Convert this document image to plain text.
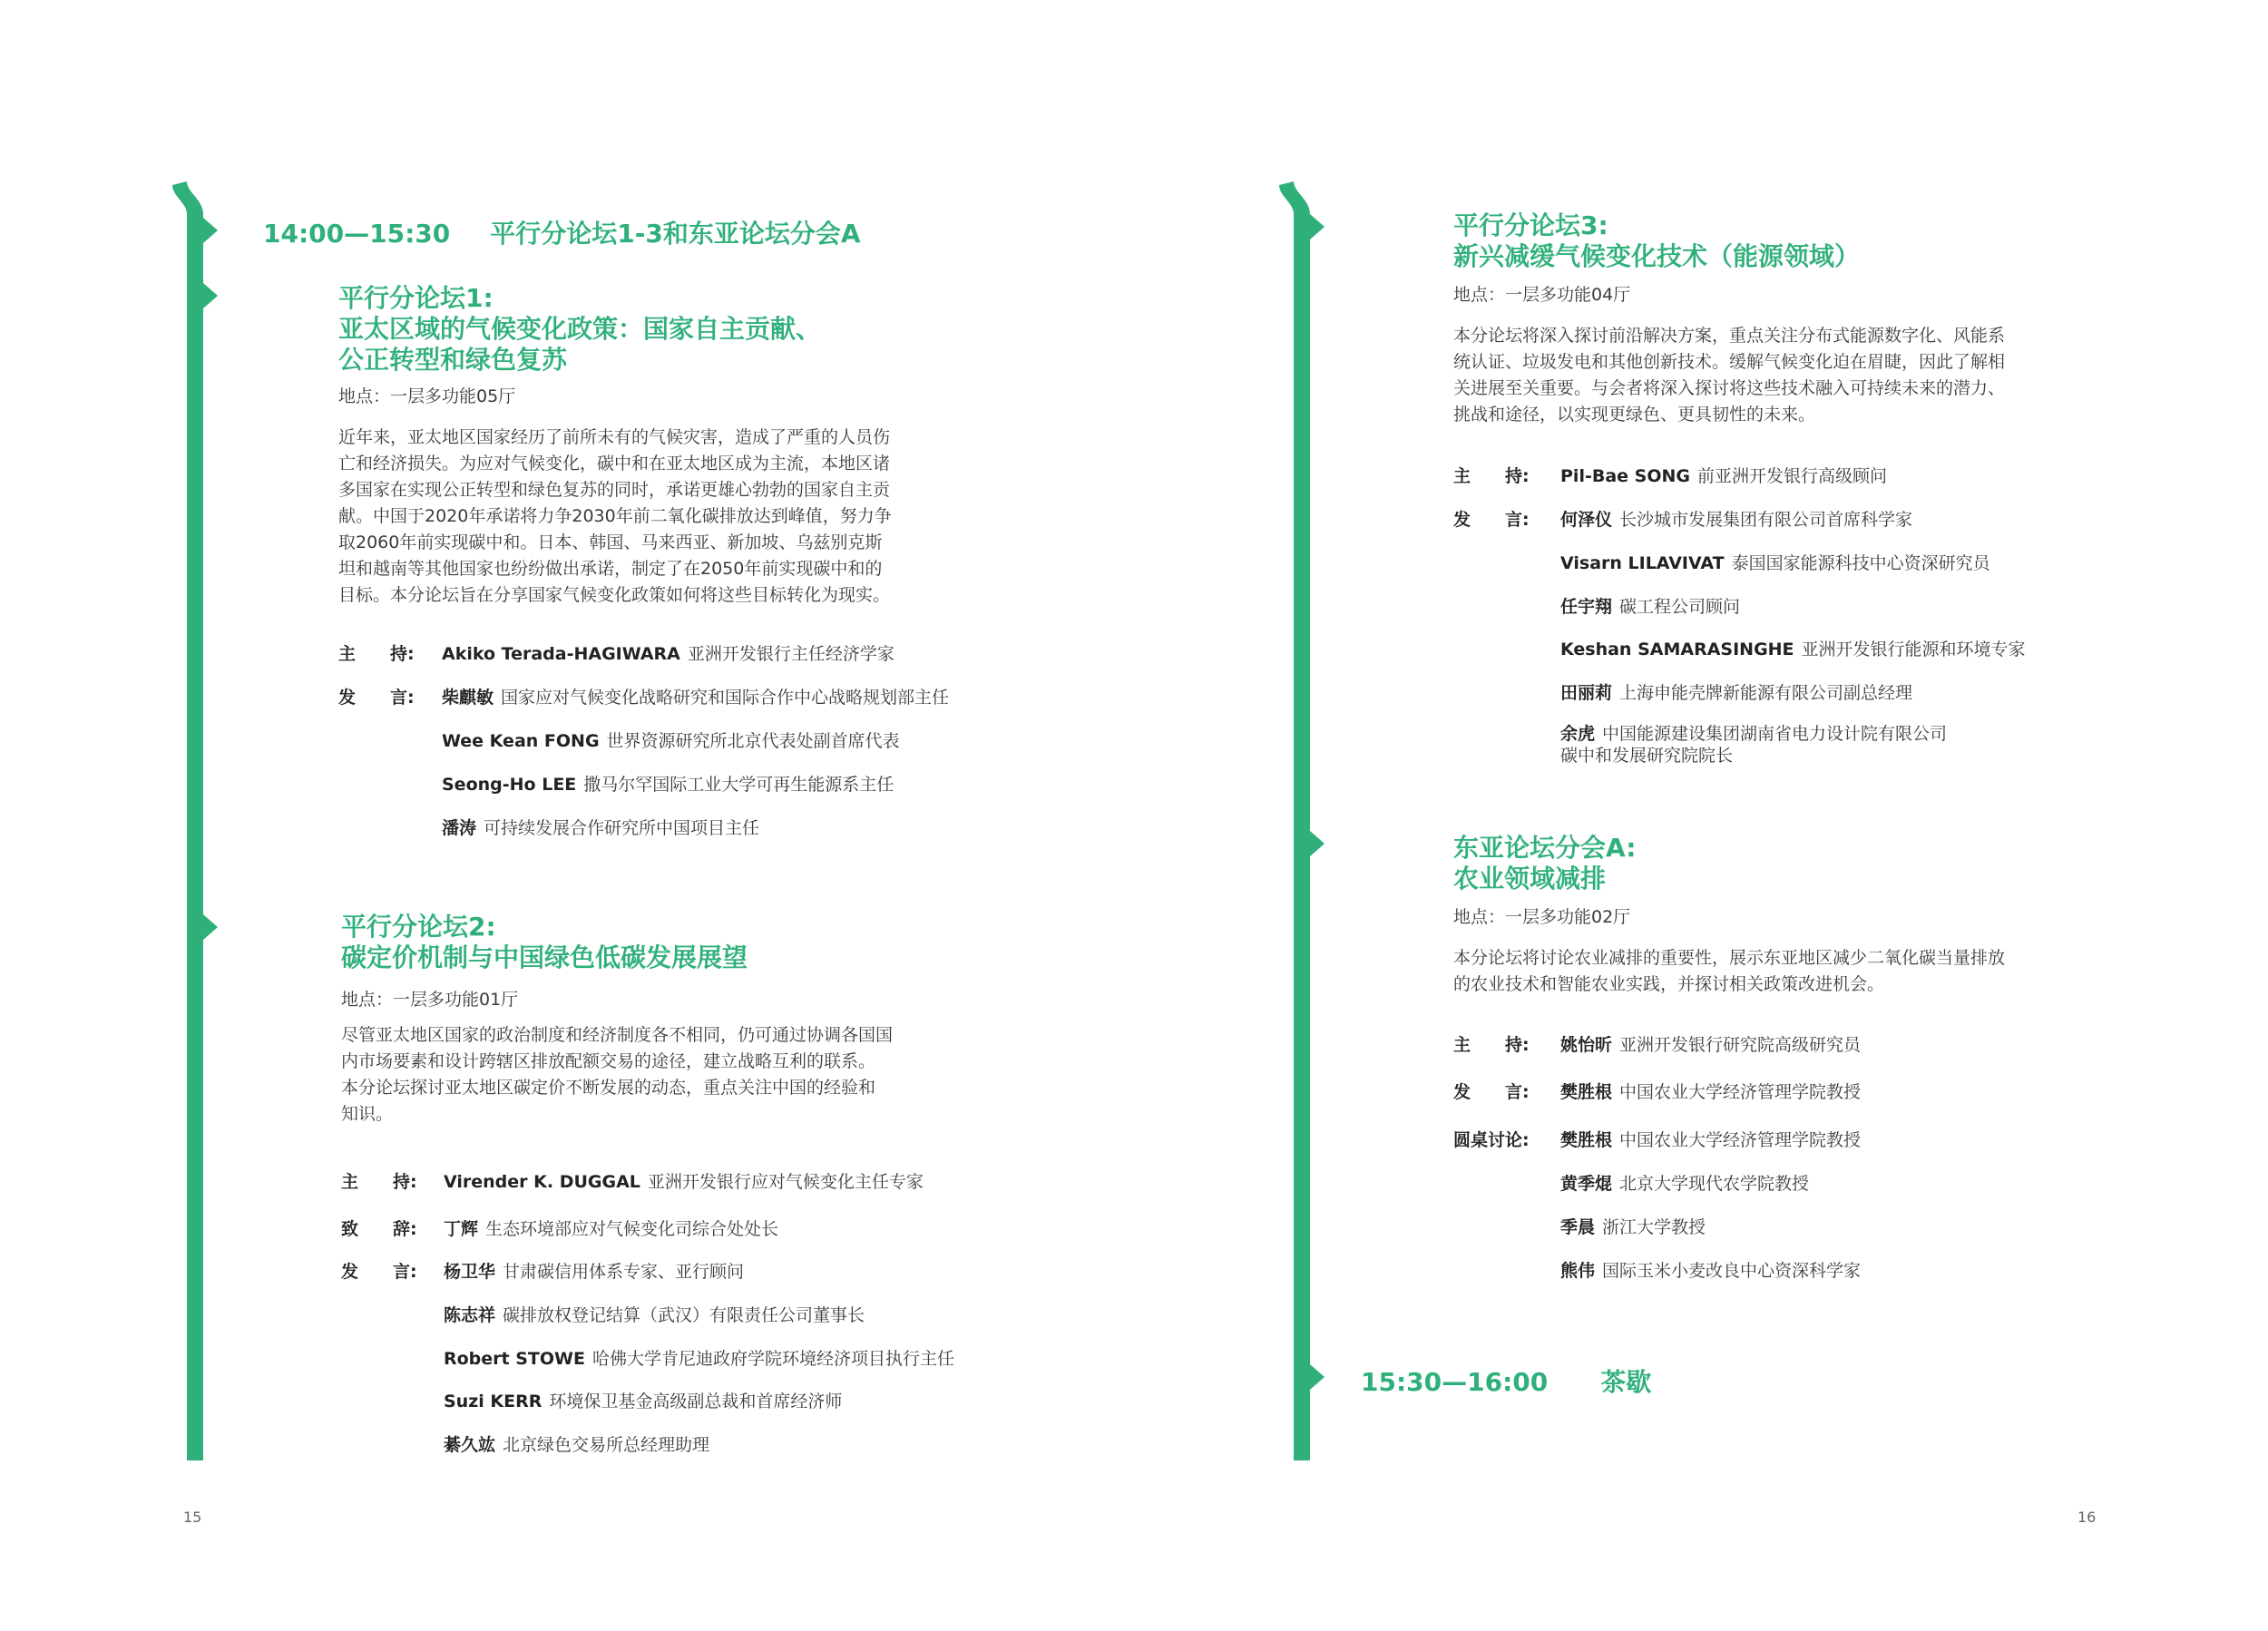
14:00—15:30 平行分论坛1-3和东亚论坛分会A
平行分论坛1:
亚太区域的气候变化政策：国家自主贡献、
公正转型和绿色复苏
地点：一层多功能05厅
近年来，亚太地区国家经历了前所未有的气候灾害，造成了严重的人员伤
亡和经济损失。为应对气候变化，碳中和在亚太地区成为主流，本地区诸
多国家在实现公正转型和绿色复苏的同时，承诺更雄心勃勃的国家自主贡
献。中国于2020年承诺将力争2030年前二氧化碳排放达到峰值，努力争
取2060年前实现碳中和。日本、韩国、马来西亚、新加坡、乌兹别克斯
坦和越南等其他国家也纷纷做出承诺，制定了在2050年前实现碳中和的
目标。本分论坛旨在分享国家气候变化政策如何将这些目标转化为现实。
主　　持: Akiko Terada-HAGIWARA 亚洲开发银行主任经济学家
发　　言: 柴麒敏 国家应对气候变化战略研究和国际合作中心战略规划部主任
Wee Kean FONG 世界资源研究所北京代表处副首席代表
Seong-Ho LEE 撒马尔罕国际工业大学可再生能源系主任
潘涛 可持续发展合作研究所中国项目主任
平行分论坛2:
碳定价机制与中国绿色低碳发展展望
地点：一层多功能01厅
尽管亚太地区国家的政治制度和经济制度各不相同，仍可通过协调各国国
内市场要素和设计跨辖区排放配额交易的途径，建立战略互利的联系。
本分论坛探讨亚太地区碳定价不断发展的动态，重点关注中国的经验和
知识。
主　　持: Virender K. DUGGAL 亚洲开发银行应对气候变化主任专家
致　　辞: 丁辉 生态环境部应对气候变化司综合处处长
发　　言: 杨卫华 甘肃碳信用体系专家、亚行顾问
陈志祥 碳排放权登记结算（武汉）有限责任公司董事长
Robert STOWE 哈佛大学肯尼迪政府学院环境经济项目执行主任
Suzi KERR 环境保卫基金高级副总裁和首席经济师
綦久竑 北京绿色交易所总经理助理
15
平行分论坛3:
新兴减缓气候变化技术（能源领域）
地点：一层多功能04厅
本分论坛将深入探讨前沿解决方案，重点关注分布式能源数字化、风能系
统认证、垃圾发电和其他创新技术。缓解气候变化迫在眉睫，因此了解相
关进展至关重要。与会者将深入探讨将这些技术融入可持续未来的潜力、
挑战和途径，以实现更绿色、更具韧性的未来。
主　　持: Pil-Bae SONG 前亚洲开发银行高级顾问
发　　言: 何泽仪 长沙城市发展集团有限公司首席科学家
Visarn LILAVIVAT 泰国国家能源科技中心资深研究员
任宇翔 碳工程公司顾问
Keshan SAMARASINGHE 亚洲开发银行能源和环境专家
田丽莉 上海申能壳牌新能源有限公司副总经理
余虎 中国能源建设集团湖南省电力设计院有限公司
碳中和发展研究院院长
东亚论坛分会A:
农业领域减排
地点：一层多功能02厅
本分论坛将讨论农业减排的重要性，展示东亚地区减少二氧化碳当量排放
的农业技术和智能农业实践，并探讨相关政策改进机会。
主　　持: 姚怡昕 亚洲开发银行研究院高级研究员
发　　言: 樊胜根 中国农业大学经济管理学院教授
圆桌讨论: 樊胜根 中国农业大学经济管理学院教授
黄季焜 北京大学现代农学院教授
季晨 浙江大学教授
熊伟 国际玉米小麦改良中心资深科学家
15:30—16:00 茶歇
16
